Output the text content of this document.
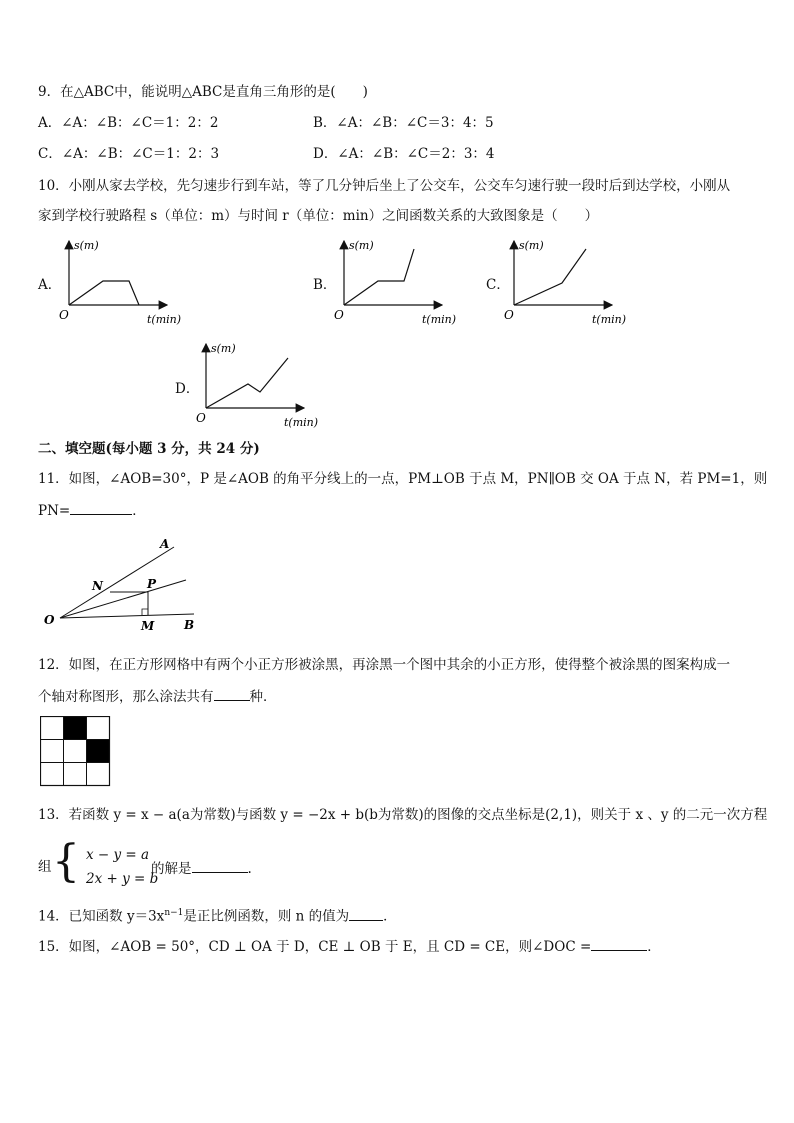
9．在△ABC中，能说明△ABC是直角三角形的是(　　)
A．∠A：∠B：∠C＝1：2：2	B．∠A：∠B：∠C＝3：4：5
C．∠A：∠B：∠C＝1：2：3	D．∠A：∠B：∠C＝2：3：4
10．小刚从家去学校，先匀速步行到车站，等了几分钟后坐上了公交车，公交车匀速行驶一段时后到达学校，小刚从
家到学校行驶路程 s（单位：m）与时间 r（单位：min）之间函数关系的大致图象是（　　）
A．	B．	C．
D．
s(m)
O	t(min)
s(m)
O	t(min)
s(m)
O	t(min)
s(m)
O	t(min)
二、填空题(每小题 3 分，共 24 分)
11．如图，∠AOB=30°，P 是∠AOB 的角平分线上的一点，PM⊥OB 于点 M，PN∥OB 交 OA 于点 N，若 PM=1，则
PN=	．
A
N	P
O	M B
12．如图，在正方形网格中有两个小正方形被涂黑，再涂黑一个图中其余的小正方形，使得整个被涂黑的图案构成一
个轴对称图形，那么涂法共有	种．
13．若函数 y = x − a(a为常数)与函数 y = −2x + b(b为常数)的图像的交点坐标是(2,1)，则关于 x 、y 的二元一次方程
组 { x − y = a
2x + y = b
的解是	.
14．已知函数 $y=3x^{n-1}$是正比例函数，则 n 的值为	．
15．如图，∠AOB = 50°，CD ⊥ OA 于 D，CE ⊥ OB 于 E，且 CD = CE，则∠DOC =	．
